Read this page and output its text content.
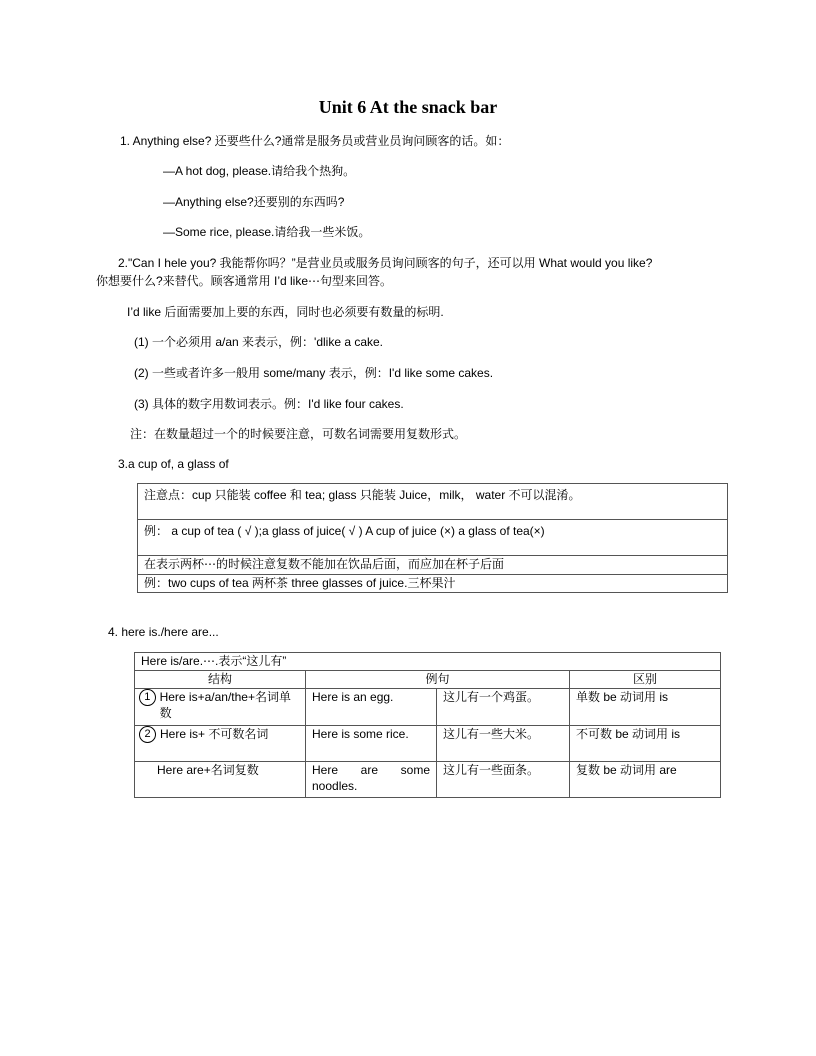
Unit 6 At the snack bar
1. Anything else? 还要些什么?通常是服务员或营业员询问顾客的话。如：
—A hot dog, please.请给我个热狗。
—Anything else?还要别的东西吗?
—Some rice, please.请给我一些米饭。
2."Can I hele you? 我能帮你吗？”是营业员或服务员询问顾客的句子，还可以用 What would you like?
你想要什么?来替代。顾客通常用 I’d like⋯句型来回答。
I’d like 后面需要加上要的东西，同时也必须要有数量的标明.
(1) 一个必须用 a/an 来表示，例：'dlike a cake.
(2) 一些或者许多一般用 some/many 表示，例：I'd like some cakes.
(3) 具体的数字用数词表示。例：I'd like four cakes.
注：在数量超过一个的时候要注意，可数名词需要用复数形式。
3.a cup of, a glass of
注意点：cup 只能装 coffee 和 tea; glass 只能装 Juice，milk， water 不可以混淆。
例： a cup of tea ( √ );a glass of juice( √ ) A cup of juice (×) a glass of tea(×)
在表示两杯⋯的时候注意复数不能加在饮品后面，而应加在杯子后面
例：two cups of tea 两杯茶 three glasses of juice.三杯果汁
4. here is./here are...
Here is/are.⋯.表示“这儿有”			
结构	例句		区别

1 Here is+a/an/the+名词单数	Here is an egg.	这儿有一个鸡蛋。	单数 be 动词用 is

2 Here is+ 不可数名词	Here is some rice.	这儿有一些大米。	不可数 be 动词用 is
Here are+名词复数	Here are some noodles.	这儿有一些面条。	复数 be 动词用 are
